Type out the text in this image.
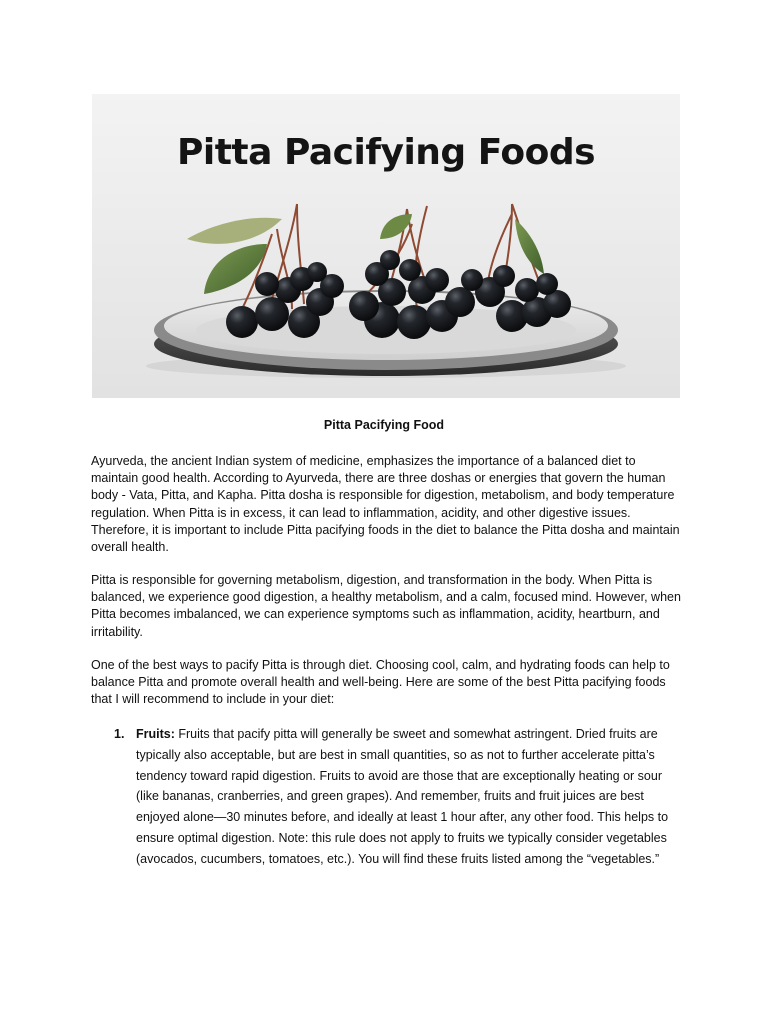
Pitta Pacifying Foods
Pitta Pacifying Food

Ayurveda, the ancient Indian system of medicine, emphasizes the importance of a balanced diet to maintain good health. According to Ayurveda, there are three doshas or energies that govern the human body - Vata, Pitta, and Kapha. Pitta dosha is responsible for digestion, metabolism, and body temperature regulation. When Pitta is in excess, it can lead to inflammation, acidity, and other digestive issues. Therefore, it is important to include Pitta pacifying foods in the diet to balance the Pitta dosha and maintain overall health.

Pitta is responsible for governing metabolism, digestion, and transformation in the body. When Pitta is balanced, we experience good digestion, a healthy metabolism, and a calm, focused mind. However, when Pitta becomes imbalanced, we can experience symptoms such as inflammation, acidity, heartburn, and irritability.

One of the best ways to pacify Pitta is through diet. Choosing cool, calm, and hydrating foods can help to balance Pitta and promote overall health and well-being. Here are some of the best Pitta pacifying foods that I will recommend to include in your diet:

1. Fruits: Fruits that pacify pitta will generally be sweet and somewhat astringent. Dried fruits are typically also acceptable, but are best in small quantities, so as not to further accelerate pitta’s tendency toward rapid digestion. Fruits to avoid are those that are exceptionally heating or sour (like bananas, cranberries, and green grapes). And remember, fruits and fruit juices are best enjoyed alone—30 minutes before, and ideally at least 1 hour after, any other food. This helps to ensure optimal digestion. Note: this rule does not apply to fruits we typically consider vegetables (avocados, cucumbers, tomatoes, etc.). You will find these fruits listed among the “vegetables.”
